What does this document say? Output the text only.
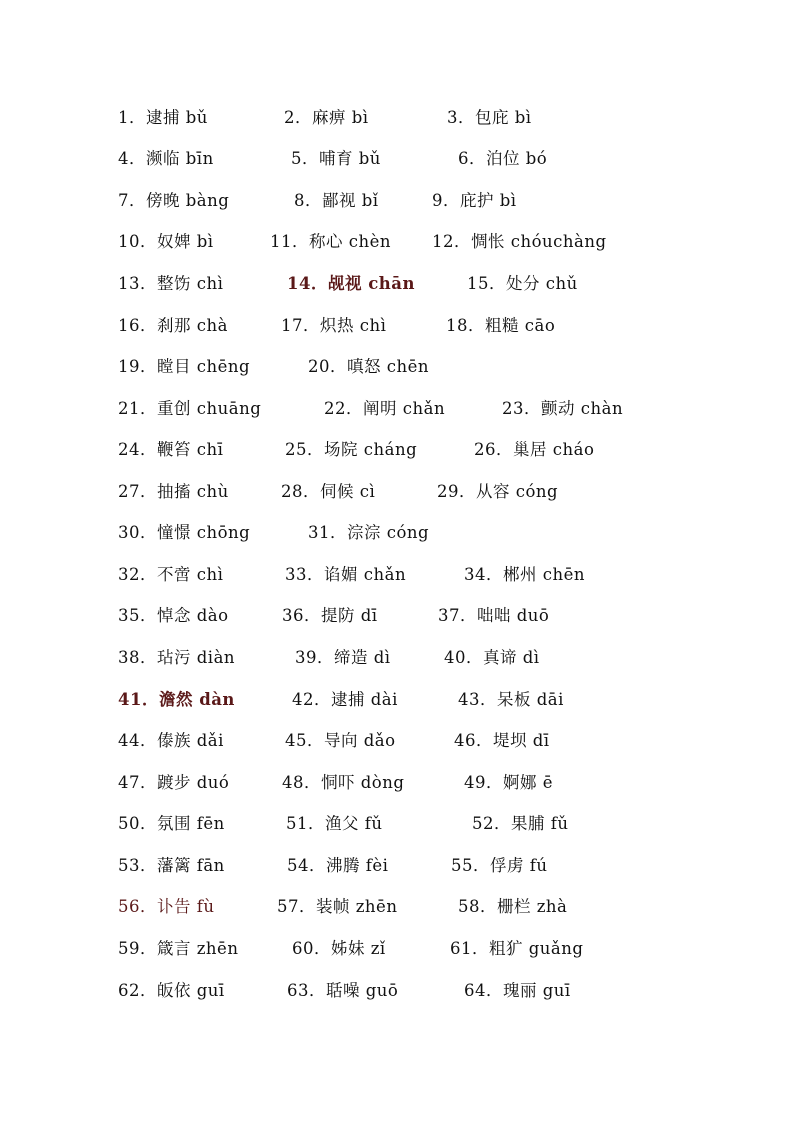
1．逮捕 bǔ	2．麻痹 bì	3．包庇 bì
4．濒临 bīn	5．哺育 bǔ	6．泊位 bó
7．傍晚 bàng	8．鄙视 bǐ	9．庇护 bì
10．奴婢 bì	11．称心 chèn 12．惆怅 chóuchàng
13．整饬 chì	14．觇视 chān	15．处分 chǔ
16．刹那 chà	17．炽热 chì	18．粗糙 cāo
19．瞠目 chēng	20．嗔怒 chēn
21．重创 chuāng	22．阐明 chǎn	23．颤动 chàn
24．鞭笞 chī	25．场院 cháng	26．巢居 cháo
27．抽搐 chù	28．伺候 cì	29．从容 cóng
30．憧憬 chōng	31．淙淙 cóng
32．不啻 chì	33．谄媚 chǎn	34．郴州 chēn
35．悼念 dào	36．提防 dī	37．咄咄 duō
38．玷污 diàn	39．缔造 dì	40．真谛 dì
41．澹然 dàn	42．逮捕 dài	43．呆板 dāi
44．傣族 dǎi	45．导向 dǎo	46．堤坝 dī
47．踱步 duó	48．恫吓 dòng	49．婀娜 ē
50．氛围 fēn	51．渔父 fǔ	52．果脯 fǔ
53．藩篱 fān	54．沸腾 fèi	55．俘虏 fú
56．讣告 fù	57．装帧 zhēn	58．栅栏 zhà
59．箴言 zhēn	60．姊妹 zǐ	61．粗犷 guǎng
62．皈依 guī	63．聒噪 guō	64．瑰丽 guī
